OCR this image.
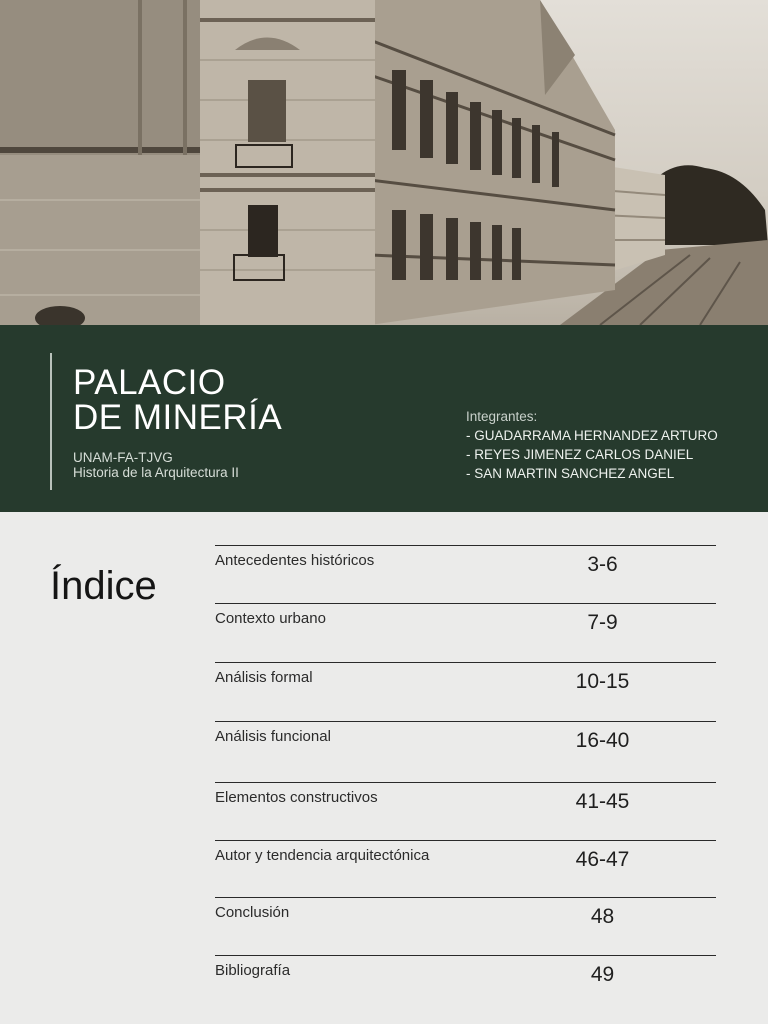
PALACIO
DE MINERÍA
UNAM-FA-TJVG
Historia de la Arquitectura II
Integrantes:
- GUADARRAMA HERNANDEZ ARTURO
- REYES JIMENEZ CARLOS DANIEL
- SAN MARTIN SANCHEZ ANGEL
Índice
Antecedentes históricos	3-6
Contexto urbano	7-9
Análisis formal	10-15
Análisis funcional	16-40
Elementos constructivos	41-45
Autor y tendencia arquitectónica	46-47
Conclusión	48
Bibliografía	49
